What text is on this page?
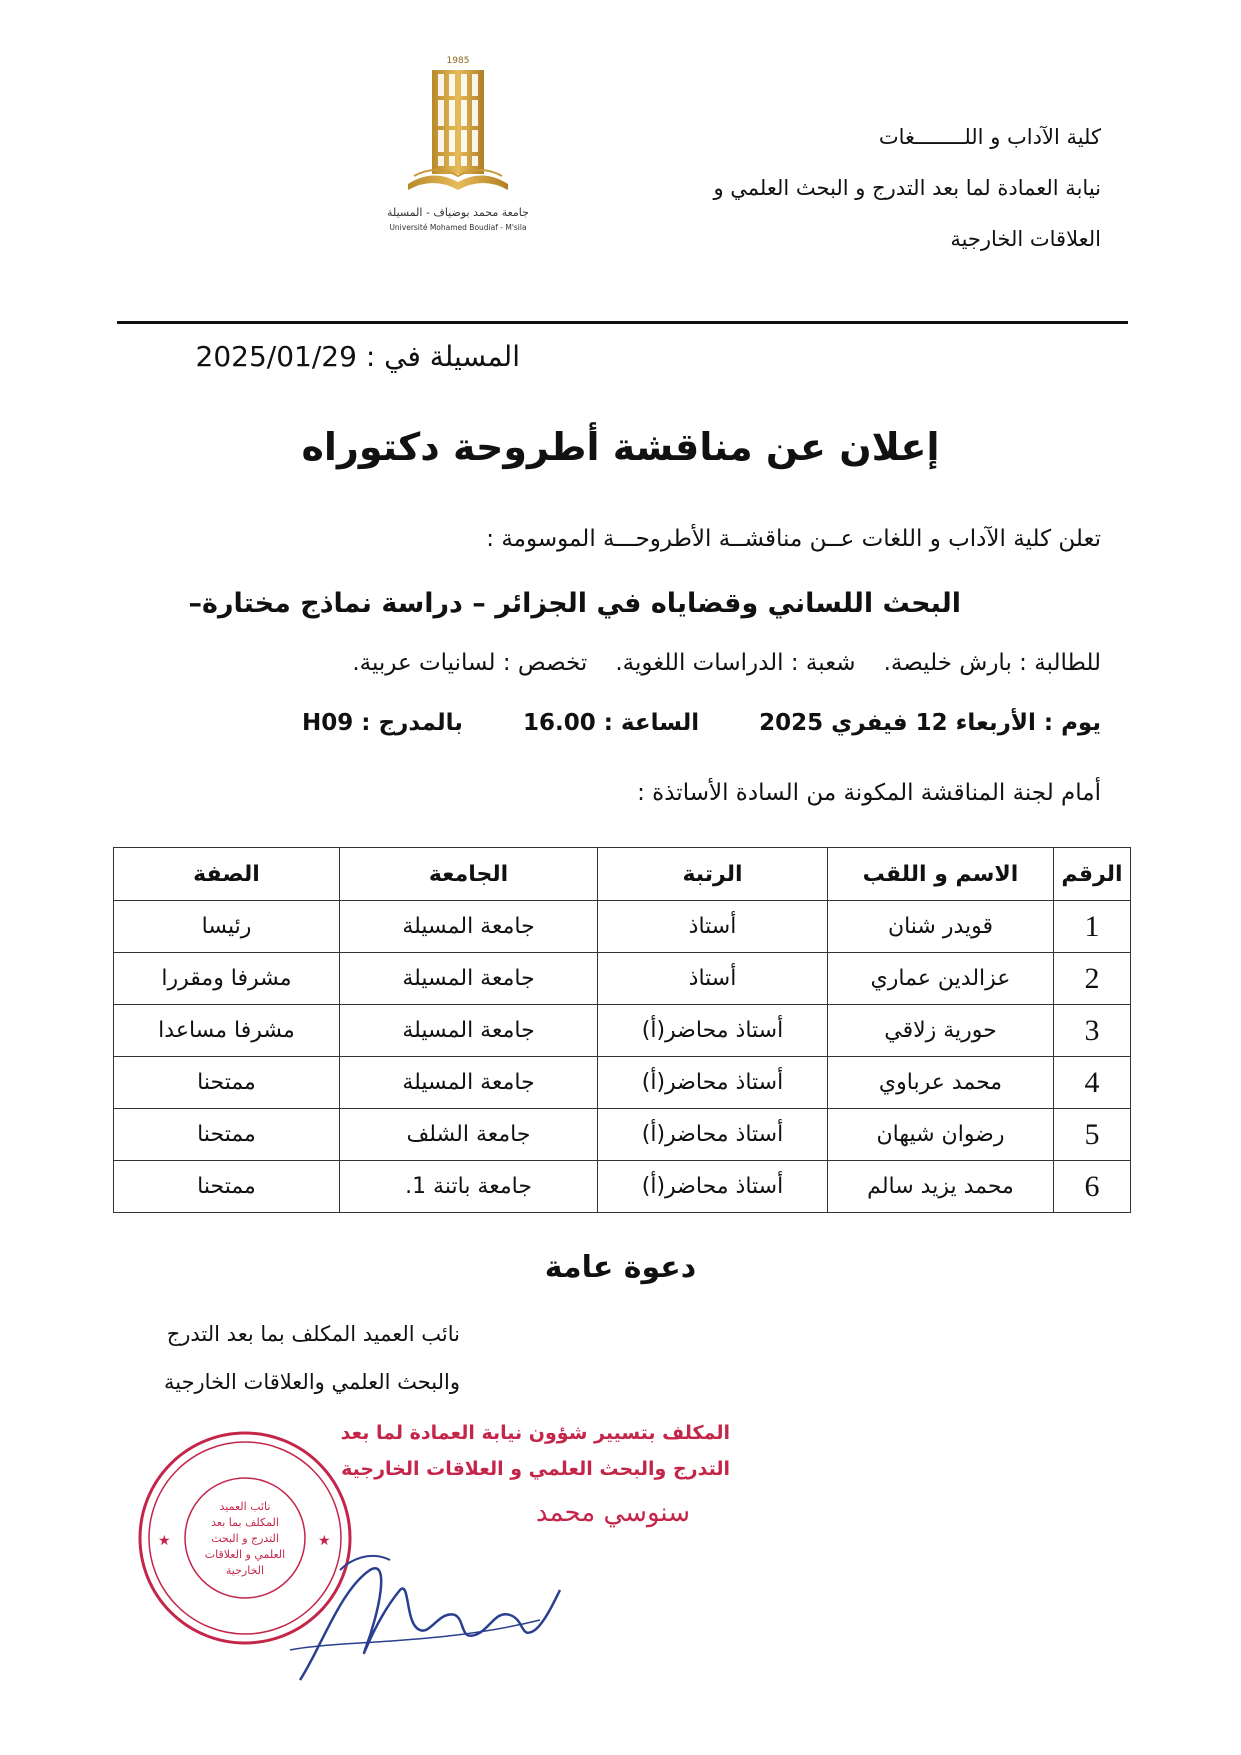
كلية الآداب و اللــــــــغات
نيابة العمادة لما بعد التدرج و البحث العلمي و
العلاقات الخارجية
1985
جامعة محمد بوضياف - المسيلة
Université Mohamed Boudiaf - M'sila
المسيلة في : 2025/01/29
إعلان عن مناقشة أطروحة دكتوراه
تعلن كلية الآداب و اللغات عــن مناقشــة الأطروحـــة الموسومة :
البحث اللساني وقضاياه في الجزائر – دراسة نماذج مختارة–
للطالبة : بارش خليصة.شعبة : الدراسات اللغوية.تخصص : لسانيات عربية.
يوم : الأربعاء 12 فيفري 2025الساعة : 16.00بالمدرج : H09
أمام لجنة المناقشة المكونة من السادة الأساتذة :
الرقم	الاسم و اللقب	الرتبة	الجامعة	الصفة
1	قويدر شنان	أستاذ	جامعة المسيلة	رئيسا
2	عزالدين عماري	أستاذ	جامعة المسيلة	مشرفا ومقررا
3	حورية زلاقي	أستاذ محاضر(أ)	جامعة المسيلة	مشرفا مساعدا
4	محمد عرباوي	أستاذ محاضر(أ)	جامعة المسيلة	ممتحنا
5	رضوان شيهان	أستاذ محاضر(أ)	جامعة الشلف	ممتحنا
6	محمد يزيد سالم	أستاذ محاضر(أ)	جامعة باتنة 1.	ممتحنا
دعوة عامة
نائب العميد المكلف بما بعد التدرج
والبحث العلمي والعلاقات الخارجية
★	★
نائب العميد
المكلف بما بعد
التدرج و البحث
العلمي و العلاقات
الخارجية
المكلف بتسيير شؤون نيابة العمادة لما بعد
التدرج والبحث العلمي و العلاقات الخارجية
سنوسي محمد
